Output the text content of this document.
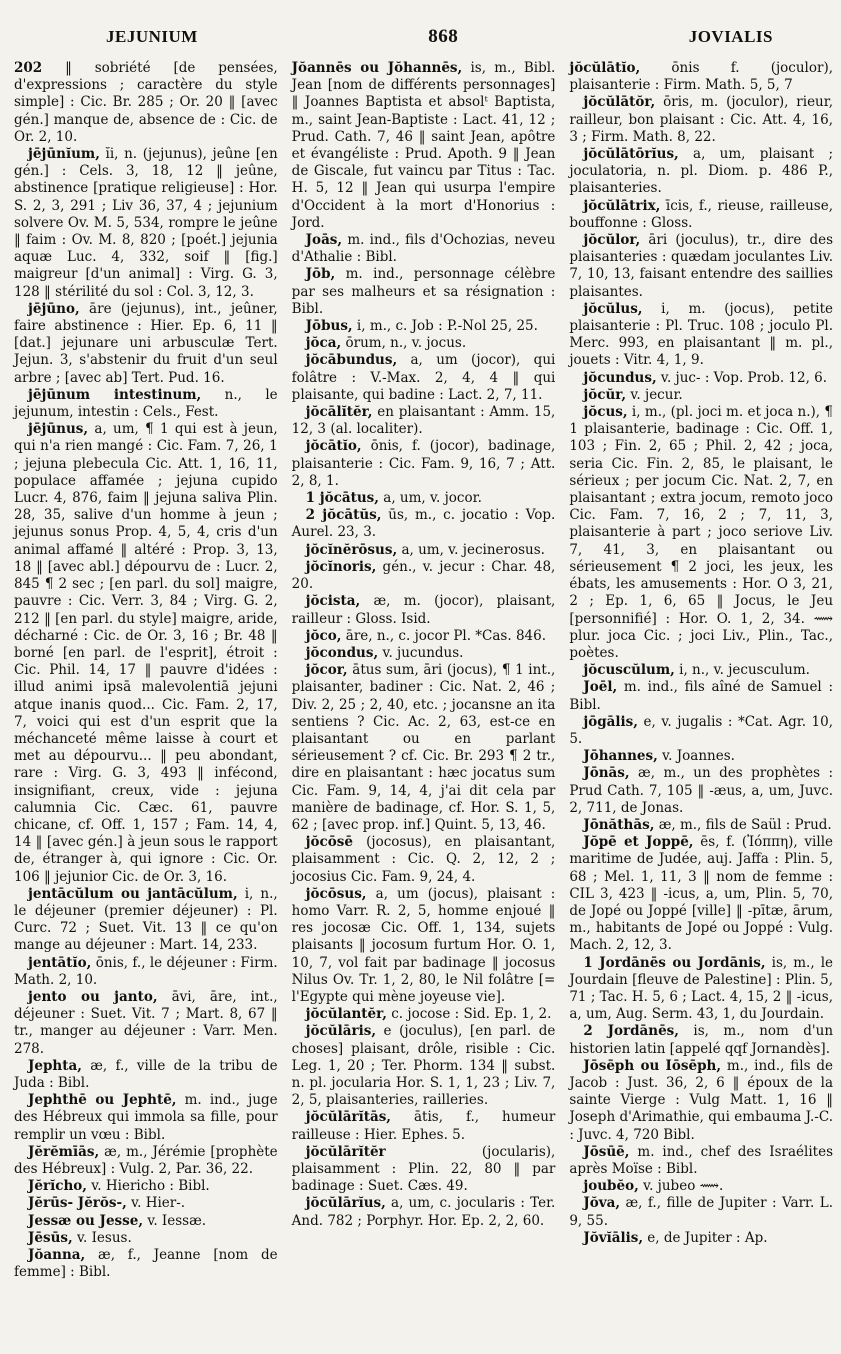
JEJUNIUM	868	JOVIALIS

202 ‖ sobriété [de pensées, d'expressions ; caractère du style simple] : Cic. Br. 285 ; Or. 20 ‖ [avec gén.] manque de, absence de : Cic. de Or. 2, 10.

jējūnĭum, ĭi, n. (jejunus), jeûne [en gén.] : Cels. 3, 18, 12 ‖ jeûne, abstinence [pratique religieuse] : Hor. S. 2, 3, 291 ; Liv 36, 37, 4 ; jejunium solvere Ov. M. 5, 534, rompre le jeûne ‖ faim : Ov. M. 8, 820 ; [poét.] jejunia aquæ Luc. 4, 332, soif ‖ [fig.] maigreur [d'un animal] : Virg. G. 3, 128 ‖ stérilité du sol : Col. 3, 12, 3.

jējūno, āre (jejunus), int., jeûner, faire abstinence : Hier. Ep. 6, 11 ‖ [dat.] jejunare uni arbusculæ Tert. Jejun. 3, s'abstenir du fruit d'un seul arbre ; [avec ab] Tert. Pud. 16.

jējūnum intestinum, n., le jejunum, intestin : Cels., Fest.

jējūnus, a, um, ¶ 1 qui est à jeun, qui n'a rien mangé : Cic. Fam. 7, 26, 1 ; jejuna plebecula Cic. Att. 1, 16, 11, populace affamée ; jejuna cupido Lucr. 4, 876, faim ‖ jejuna saliva Plin. 28, 35, salive d'un homme à jeun ; jejunus sonus Prop. 4, 5, 4, cris d'un animal affamé ‖ altéré : Prop. 3, 13, 18 ‖ [avec abl.] dépourvu de : Lucr. 2, 845 ¶ 2 sec ; [en parl. du sol] maigre, pauvre : Cic. Verr. 3, 84 ; Virg. G. 2, 212 ‖ [en parl. du style] maigre, aride, décharné : Cic. de Or. 3, 16 ; Br. 48 ‖ borné [en parl. de l'esprit], étroit : Cic. Phil. 14, 17 ‖ pauvre d'idées : illud animi ipsā malevolentiā jejuni atque inanis quod... Cic. Fam. 2, 17, 7, voici qui est d'un esprit que la méchanceté même laisse à court et met au dépourvu... ‖ peu abondant, rare : Virg. G. 3, 493 ‖ infécond, insignifiant, creux, vide : jejuna calumnia Cic. Cæc. 61, pauvre chicane, cf. Off. 1, 157 ; Fam. 14, 4, 14 ‖ [avec gén.] à jeun sous le rapport de, étranger à, qui ignore : Cic. Or. 106 ‖ jejunior Cic. de Or. 3, 16.

jentācŭlum ou jantācŭlum, i, n., le déjeuner (premier déjeuner) : Pl. Curc. 72 ; Suet. Vit. 13 ‖ ce qu'on mange au déjeuner : Mart. 14, 233.

jentātĭo, ōnis, f., le déjeuner : Firm. Math. 2, 10.

jento ou janto, āvi, āre, int., déjeuner : Suet. Vit. 7 ; Mart. 8, 67 ‖ tr., manger au déjeuner : Varr. Men. 278.

Jephta, æ, f., ville de la tribu de Juda : Bibl.

Jephthē ou Jephtē, m. ind., juge des Hébreux qui immola sa fille, pour remplir un vœu : Bibl.

Jĕrĕmīās, æ, m., Jérémie [prophète des Hébreux] : Vulg. 2, Par. 36, 22.

Jĕrĭcho, v. Hiericho : Bibl.

Jĕrūs- Jĕrŏs-, v. Hier-.

Jessæ ou Jesse, v. Iessæ.

Jēsūs, v. Iesus.

Jŏanna, æ, f., Jeanne [nom de femme] : Bibl.

Jŏannēs ou Jŏhannēs, is, m., Bibl. Jean [nom de différents personnages] ‖ Joannes Baptista et absolᵗ Baptista, m., saint Jean-Baptiste : Lact. 41, 12 ; Prud. Cath. 7, 46 ‖ saint Jean, apôtre et évangéliste : Prud. Apoth. 9 ‖ Jean de Giscale, fut vaincu par Titus : Tac. H. 5, 12 ‖ Jean qui usurpa l'empire d'Occident à la mort d'Honorius : Jord.

Joās, m. ind., fils d'Ochozias, neveu d'Athalie : Bibl.

Jōb, m. ind., personnage célèbre par ses malheurs et sa résignation : Bibl.

Jōbus, i, m., c. Job : P.-Nol 25, 25.

jŏca, ōrum, n., v. jocus.

jŏcābundus, a, um (jocor), qui folâtre : V.-Max. 2, 4, 4 ‖ qui plaisante, qui badine : Lact. 2, 7, 11.

jŏcālĭtĕr, en plaisantant : Amm. 15, 12, 3 (al. localiter).

jŏcātĭo, ōnis, f. (jocor), badinage, plaisanterie : Cic. Fam. 9, 16, 7 ; Att. 2, 8, 1.

1 jŏcātus, a, um, v. jocor.

2 jŏcātŭs, ūs, m., c. jocatio : Vop. Aurel. 23, 3.

jŏcĭnĕrōsus, a, um, v. jecinerosus.

jŏcĭnoris, gén., v. jecur : Char. 48, 20.

jŏcista, æ, m. (jocor), plaisant, railleur : Gloss. Isid.

jŏco, āre, n., c. jocor Pl. *Cas. 846.

jŏcondus, v. jucundus.

jŏcor, ātus sum, āri (jocus), ¶ 1 int., plaisanter, badiner : Cic. Nat. 2, 46 ; Div. 2, 25 ; 2, 40, etc. ; jocansne an ita sentiens ? Cic. Ac. 2, 63, est-ce en plaisantant ou en parlant sérieusement ? cf. Cic. Br. 293 ¶ 2 tr., dire en plaisantant : hæc jocatus sum Cic. Fam. 9, 14, 4, j'ai dit cela par manière de badinage, cf. Hor. S. 1, 5, 62 ; [avec prop. inf.] Quint. 5, 13, 46.

jŏcōsē (jocosus), en plaisantant, plaisamment : Cic. Q. 2, 12, 2 ; jocosius Cic. Fam. 9, 24, 4.

jŏcōsus, a, um (jocus), plaisant : homo Varr. R. 2, 5, homme enjoué ‖ res jocosæ Cic. Off. 1, 134, sujets plaisants ‖ jocosum furtum Hor. O. 1, 10, 7, vol fait par badinage ‖ jocosus Nilus Ov. Tr. 1, 2, 80, le Nil folâtre [= l'Egypte qui mène joyeuse vie].

jŏcŭlantĕr, c. jocose : Sid. Ep. 1, 2.

jŏcŭlāris, e (joculus), [en parl. de choses] plaisant, drôle, risible : Cic. Leg. 1, 20 ; Ter. Phorm. 134 ‖ subst. n. pl. jocularia Hor. S. 1, 1, 23 ; Liv. 7, 2, 5, plaisanteries, railleries.

jŏcŭlārĭtās, ātis, f., humeur railleuse : Hier. Ephes. 5.

jŏcŭlārĭtĕr (jocularis), plaisamment : Plin. 22, 80 ‖ par badinage : Suet. Cæs. 49.

jŏcŭlārĭus, a, um, c. jocularis : Ter. And. 782 ; Porphyr. Hor. Ep. 2, 2, 60.

jŏcŭlātĭo, ōnis f. (joculor), plaisanterie : Firm. Math. 5, 5, 7

jŏcŭlātŏr, ōris, m. (joculor), rieur, railleur, bon plaisant : Cic. Att. 4, 16, 3 ; Firm. Math. 8, 22.

jŏcŭlātōrĭus, a, um, plaisant ; joculatoria, n. pl. Diom. p. 486 P., plaisanteries.

jŏcŭlātrix, īcis, f., rieuse, railleuse, bouffonne : Gloss.

jŏcŭlor, āri (joculus), tr., dire des plaisanteries : quædam joculantes Liv. 7, 10, 13, faisant entendre des saillies plaisantes.

jŏcŭlus, i, m. (jocus), petite plaisanterie : Pl. Truc. 108 ; joculo Pl. Merc. 993, en plaisantant ‖ m. pl., jouets : Vitr. 4, 1, 9.

jŏcundus, v. juc- : Vop. Prob. 12, 6.

jŏcŭr, v. jecur.

jŏcus, i, m., (pl. joci m. et joca n.), ¶ 1 plaisanterie, badinage : Cic. Off. 1, 103 ; Fin. 2, 65 ; Phil. 2, 42 ; joca, seria Cic. Fin. 2, 85, le plaisant, le sérieux ; per jocum Cic. Nat. 2, 7, en plaisantant ; extra jocum, remoto joco Cic. Fam. 7, 16, 2 ; 7, 11, 3, plaisanterie à part ; joco seriove Liv. 7, 41, 3, en plaisantant ou sérieusement ¶ 2 joci, les jeux, les ébats, les amusements : Hor. O 3, 21, 2 ; Ep. 1, 6, 65 ‖ Jocus, le Jeu [personnifié] : Hor. O. 1, 2, 34. ⟿ plur. joca Cic. ; joci Liv., Plin., Tac., poètes.

jŏcuscŭlum, i, n., v. jecusculum.

Joēl, m. ind., fils aîné de Samuel : Bibl.

jōgālis, e, v. jugalis : *Cat. Agr. 10, 5.

Jōhannes, v. Joannes.

Jōnās, æ, m., un des prophètes : Prud Cath. 7, 105 ‖ -æus, a, um, Juvc. 2, 711, de Jonas.

Jōnăthās, æ, m., fils de Saül : Prud.

Jŏpē et Joppē, ēs, f. (Ἰόππη), ville maritime de Judée, auj. Jaffa : Plin. 5, 68 ; Mel. 1, 11, 3 ‖ nom de femme : CIL 3, 423 ‖ -icus, a, um, Plin. 5, 70, de Jopé ou Joppé [ville] ‖ -pītæ, ārum, m., habitants de Jopé ou Joppé : Vulg. Mach. 2, 12, 3.

1 Jordānēs ou Jordānis, is, m., le Jourdain [fleuve de Palestine] : Plin. 5, 71 ; Tac. H. 5, 6 ; Lact. 4, 15, 2 ‖ -icus, a, um, Aug. Serm. 43, 1, du Jourdain.

2 Jordānēs, is, m., nom d'un historien latin [appelé qqf Jornandès].

Jōsēph ou Iōsēph, m., ind., fils de Jacob : Just. 36, 2, 6 ‖ époux de la sainte Vierge : Vulg Matt. 1, 16 ‖ Joseph d'Arimathie, qui embauma J.-C. : Juvc. 4, 720 Bibl.

Jōsūē, m. ind., chef des Israélites après Moïse : Bibl.

joubĕo, v. jubeo ⟿.

Jŏva, æ, f., fille de Jupiter : Varr. L. 9, 55.

Jŏvĭālis, e, de Jupiter : Ap.
